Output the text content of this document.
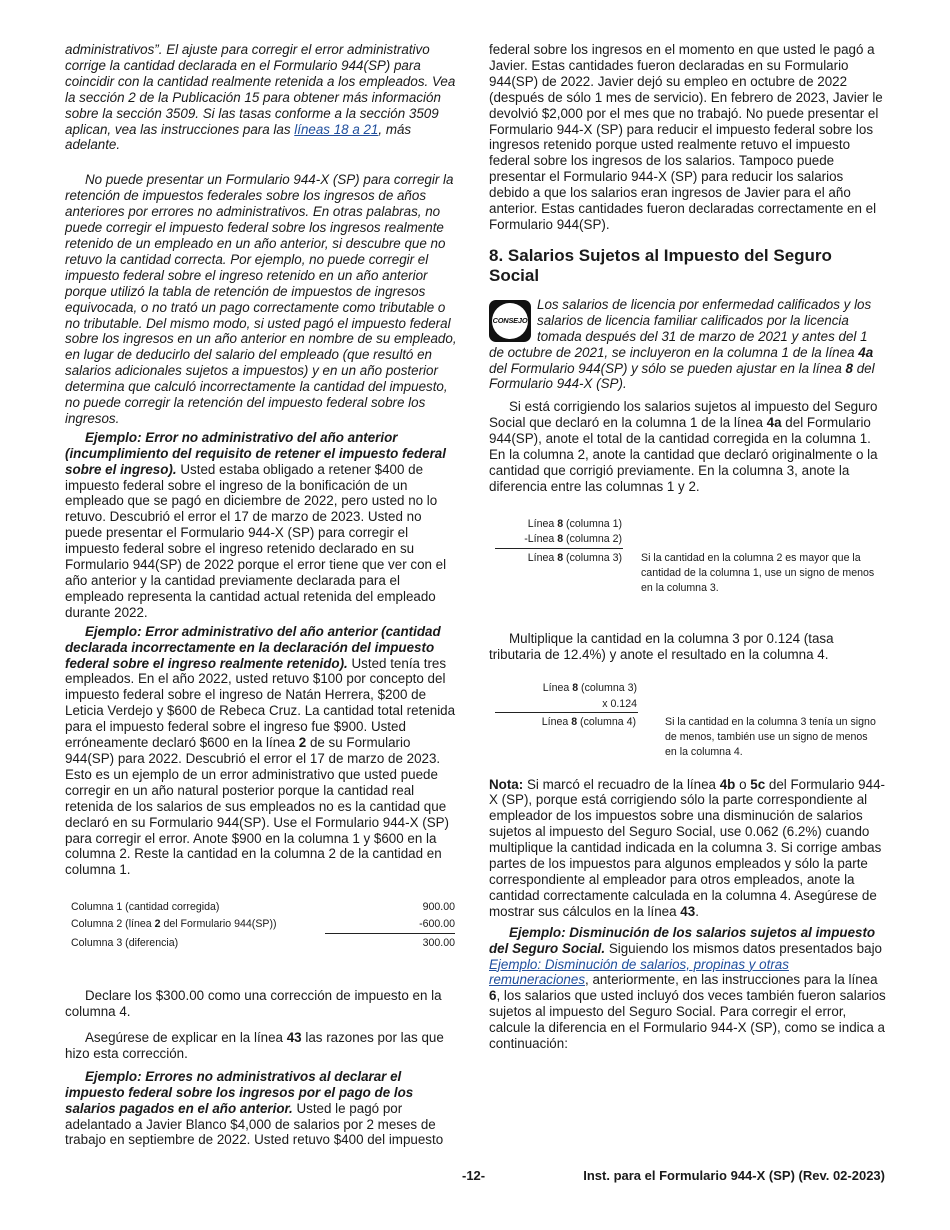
administrativos”. El ajuste para corregir el error administrativo corrige la cantidad declarada en el Formulario 944(SP) para coincidir con la cantidad realmente retenida a los empleados. Vea la sección 2 de la Publicación 15 para obtener más información sobre la sección 3509. Si las tasas conforme a la sección 3509 aplican, vea las instrucciones para las líneas 18 a 21, más adelante.

No puede presentar un Formulario 944-X (SP) para corregir la retención de impuestos federales sobre los ingresos de años anteriores por errores no administrativos. En otras palabras, no puede corregir el impuesto federal sobre los ingresos realmente retenido de un empleado en un año anterior, si descubre que no retuvo la cantidad correcta. Por ejemplo, no puede corregir el impuesto federal sobre el ingreso retenido en un año anterior porque utilizó la tabla de retención de impuestos de ingresos equivocada, o no trató un pago correctamente como tributable o no tributable. Del mismo modo, si usted pagó el impuesto federal sobre los ingresos en un año anterior en nombre de su empleado, en lugar de deducirlo del salario del empleado (que resultó en salarios adicionales sujetos a impuestos) y en un año posterior determina que calculó incorrectamente la cantidad del impuesto, no puede corregir la retención del impuesto federal sobre los ingresos.

Ejemplo: Error no administrativo del año anterior (incumplimiento del requisito de retener el impuesto federal sobre el ingreso). Usted estaba obligado a retener $400 de impuesto federal sobre el ingreso de la bonificación de un empleado que se pagó en diciembre de 2022, pero usted no lo retuvo. Descubrió el error el 17 de marzo de 2023. Usted no puede presentar el Formulario 944-X (SP) para corregir el impuesto federal sobre el ingreso retenido declarado en su Formulario 944(SP) de 2022 porque el error tiene que ver con el año anterior y la cantidad previamente declarada para el empleado representa la cantidad actual retenida del empleado durante 2022.

Ejemplo: Error administrativo del año anterior (cantidad declarada incorrectamente en la declaración del impuesto federal sobre el ingreso realmente retenido). Usted tenía tres empleados. En el año 2022, usted retuvo $100 por concepto del impuesto federal sobre el ingreso de Natán Herrera, $200 de Leticia Verdejo y $600 de Rebeca Cruz. La cantidad total retenida para el impuesto federal sobre el ingreso fue $900. Usted erróneamente declaró $600 en la línea 2 de su Formulario 944(SP) para 2022. Descubrió el error el 17 de marzo de 2023. Esto es un ejemplo de un error administrativo que usted puede corregir en un año natural posterior porque la cantidad real retenida de los salarios de sus empleados no es la cantidad que declaró en su Formulario 944(SP). Use el Formulario 944-X (SP) para corregir el error. Anote $900 en la columna 1 y $600 en la columna 2. Reste la cantidad en la columna 2 de la cantidad en columna 1.

Columna 1 (cantidad corregida)	900.00
Columna 2 (línea 2 del Formulario 944(SP))	-600.00
Columna 3 (diferencia)	300.00

Declare los $300.00 como una corrección de impuesto en la columna 4.

Asegúrese de explicar en la línea 43 las razones por las que hizo esta corrección.

Ejemplo: Errores no administrativos al declarar el impuesto federal sobre los ingresos por el pago de los salarios pagados en el año anterior. Usted le pagó por adelantado a Javier Blanco $4,000 de salarios por 2 meses de trabajo en septiembre de 2022. Usted retuvo $400 del impuesto

federal sobre los ingresos en el momento en que usted le pagó a Javier. Estas cantidades fueron declaradas en su Formulario 944(SP) de 2022. Javier dejó su empleo en octubre de 2022 (después de sólo 1 mes de servicio). En febrero de 2023, Javier le devolvió $2,000 por el mes que no trabajó. No puede presentar el Formulario 944-X (SP) para reducir el impuesto federal sobre los ingresos retenido porque usted realmente retuvo el impuesto federal sobre los ingresos de los salarios. Tampoco puede presentar el Formulario 944-X (SP) para reducir los salarios debido a que los salarios eran ingresos de Javier para el año anterior. Estas cantidades fueron declaradas correctamente en el Formulario 944(SP).

8. Salarios Sujetos al Impuesto del Seguro Social

CONSEJO
Los salarios de licencia por enfermedad calificados y los salarios de licencia familiar calificados por la licencia tomada después del 31 de marzo de 2021 y antes del 1 de octubre de 2021, se incluyeron en la columna 1 de la línea 4a del Formulario 944(SP) y sólo se pueden ajustar en la línea 8 del Formulario 944-X (SP).

Si está corrigiendo los salarios sujetos al impuesto del Seguro Social que declaró en la columna 1 de la línea 4a del Formulario 944(SP), anote el total de la cantidad corregida en la columna 1. En la columna 2, anote la cantidad que declaró originalmente o la cantidad que corrigió previamente. En la columna 3, anote la diferencia entre las columnas 1 y 2.

Línea 8 (columna 1)
-Línea 8 (columna 2)
Línea 8 (columna 3) Si la cantidad en la columna 2 es mayor que la cantidad de la columna 1, use un signo de menos en la columna 3.

Multiplique la cantidad en la columna 3 por 0.124 (tasa tributaria de 12.4%) y anote el resultado en la columna 4.

Línea 8 (columna 3)
x 0.124
Línea 8 (columna 4)	Si la cantidad en la columna 3 tenía un signo de menos, también use un signo de menos en la columna 4.

Nota: Si marcó el recuadro de la línea 4b o 5c del Formulario 944-X (SP), porque está corrigiendo sólo la parte correspondiente al empleador de los impuestos sobre una disminución de salarios sujetos al impuesto del Seguro Social, use 0.062 (6.2%) cuando multiplique la cantidad indicada en la columna 3. Si corrige ambas partes de los impuestos para algunos empleados y sólo la parte correspondiente al empleador para otros empleados, anote la cantidad correctamente calculada en la columna 4. Asegúrese de mostrar sus cálculos en la línea 43.

Ejemplo: Disminución de los salarios sujetos al impuesto del Seguro Social. Siguiendo los mismos datos presentados bajo Ejemplo: Disminución de salarios, propinas y otras remuneraciones, anteriormente, en las instrucciones para la línea 6, los salarios que usted incluyó dos veces también fueron salarios sujetos al impuesto del Seguro Social. Para corregir el error, calcule la diferencia en el Formulario 944-X (SP), como se indica a continuación:

-12-	Inst. para el Formulario 944-X (SP) (Rev. 02-2023)
